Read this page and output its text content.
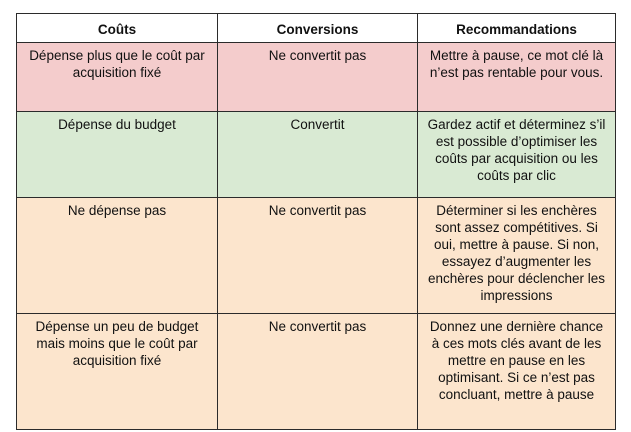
Coûts	Conversions	Recommandations
Dépense plus que le coût par acquisition fixé	Ne convertit pas	Mettre à pause, ce mot clé là n’est pas rentable pour vous.
Dépense du budget	Convertit	Gardez actif et déterminez s’il est possible d’optimiser les coûts par acquisition ou les coûts par clic
Ne dépense pas	Ne convertit pas	Déterminer si les enchères sont assez compétitives. Si oui, mettre à pause. Si non, essayez d’augmenter les enchères pour déclencher les impressions
Dépense un peu de budget mais moins que le coût par acquisition fixé	Ne convertit pas	Donnez une dernière chance à ces mots clés avant de les mettre en pause en les optimisant. Si ce n’est pas concluant, mettre à pause
